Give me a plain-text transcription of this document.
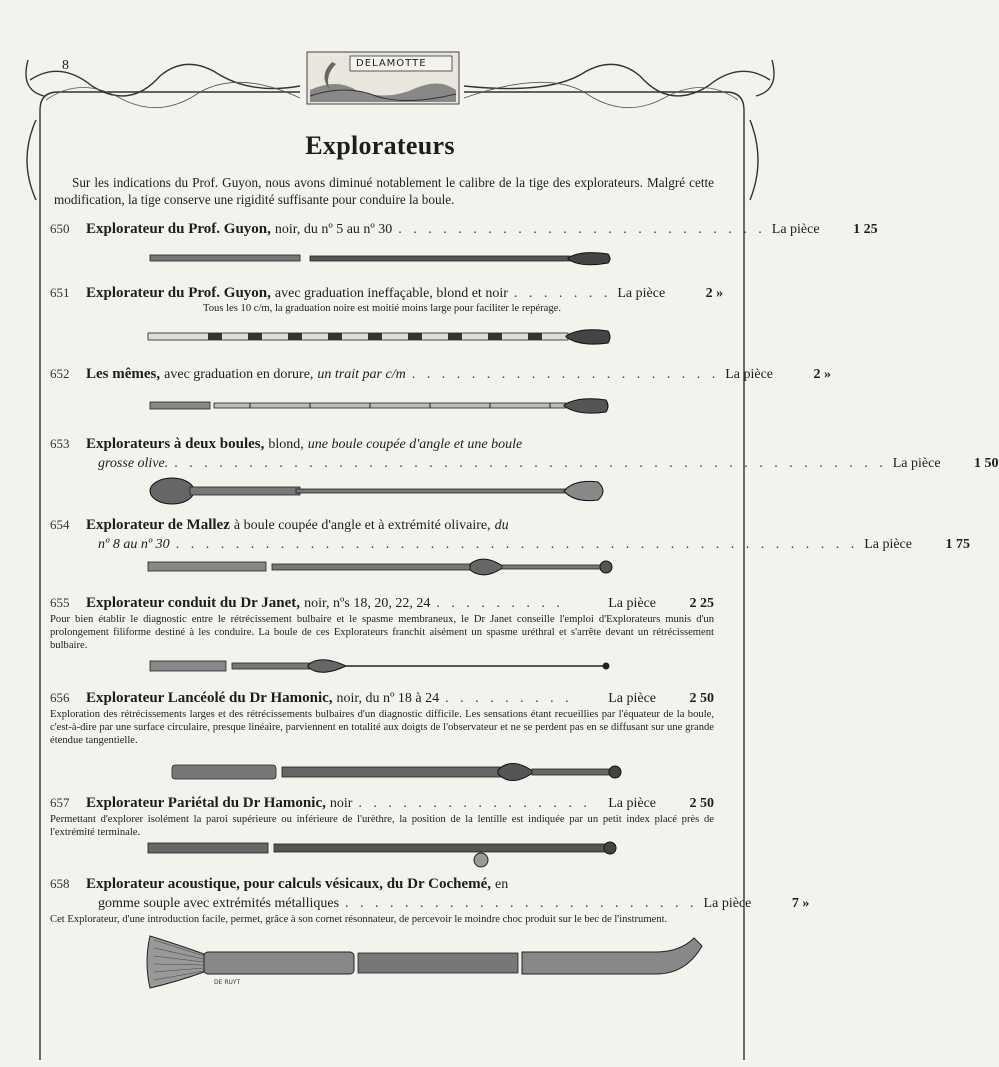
8	DELAMOTTE
Explorateurs
Sur les indications du Prof. Guyon, nous avons diminué notablement le calibre de la tige des explorateurs. Malgré cette modification, la tige conserve une rigidité suffisante pour conduire la boule.
650	Explorateur du Prof. Guyon, noir, du nº 5 au nº 30 . . . . . . . . . . . . . . . . . . . . . . . . . La pièce	1 25
651	Explorateur du Prof. Guyon, avec graduation ineffaçable, blond et noir . . . . . . . La pièce	2 »
Tous les 10 c/m, la graduation noire est moitié moins large pour faciliter le repérage.
652	Les mêmes, avec graduation en dorure, un trait par c/m . . . . . . . . . . . . . . . . . . . . . La pièce	2 »
653	Explorateurs à deux boules, blond, une boule coupée d'angle et une boule
grosse olive. . . . . . . . . . . . . . . . . . . . . . . . . . . . . . . . . . . . . . . . . . . . . . . . . La pièce	1 50
654	Explorateur de Mallez à boule coupée d'angle et à extrémité olivaire, du
nº 8 au nº 30 . . . . . . . . . . . . . . . . . . . . . . . . . . . . . . . . . . . . . . . . . . . . . . La pièce	1 75
655	Explorateur conduit du Dr Janet, noir, nºs 18, 20, 22, 24 . . . . . . . . .	La pièce	2 25
Pour bien établir le diagnostic entre le rétrécissement bulbaire et le spasme membraneux, le Dr Janet conseille l'emploi d'Explorateurs munis d'un prolongement filiforme destiné à les conduire. La boule de ces Explorateurs franchit aisément un spasme uréthral et s'arrête devant un rétrécissement bulbaire.
656	Explorateur Lancéolé du Dr Hamonic, noir, du nº 18 à 24 . . . . . . . . .	La pièce	2 50
Exploration des rétrécissements larges et des rétrécissements bulbaires d'un diagnostic difficile. Les sensations étant recueillies par l'équateur de la boule, c'est-à-dire par une surface circulaire, presque linéaire, parviennent en totalité aux doigts de l'observateur et ne se perdent pas en se diffusant sur une grande étendue tangentielle.
657	Explorateur Pariétal du Dr Hamonic, noir . . . . . . . . . . . . . . . .	La pièce	2 50
Permettant d'explorer isolément la paroi supérieure ou inférieure de l'urèthre, la position de la lentille est indiquée par un petit index placé près de l'extrémité terminale.
658	Explorateur acoustique, pour calculs vésicaux, du Dr Cochemé, en
gomme souple avec extrémités métalliques . . . . . . . . . . . . . . . . . . . . . . . . La pièce	7 »
Cet Explorateur, d'une introduction facile, permet, grâce à son cornet résonnateur, de percevoir le moindre choc produit sur le bec de l'instrument.
DE RUYT
